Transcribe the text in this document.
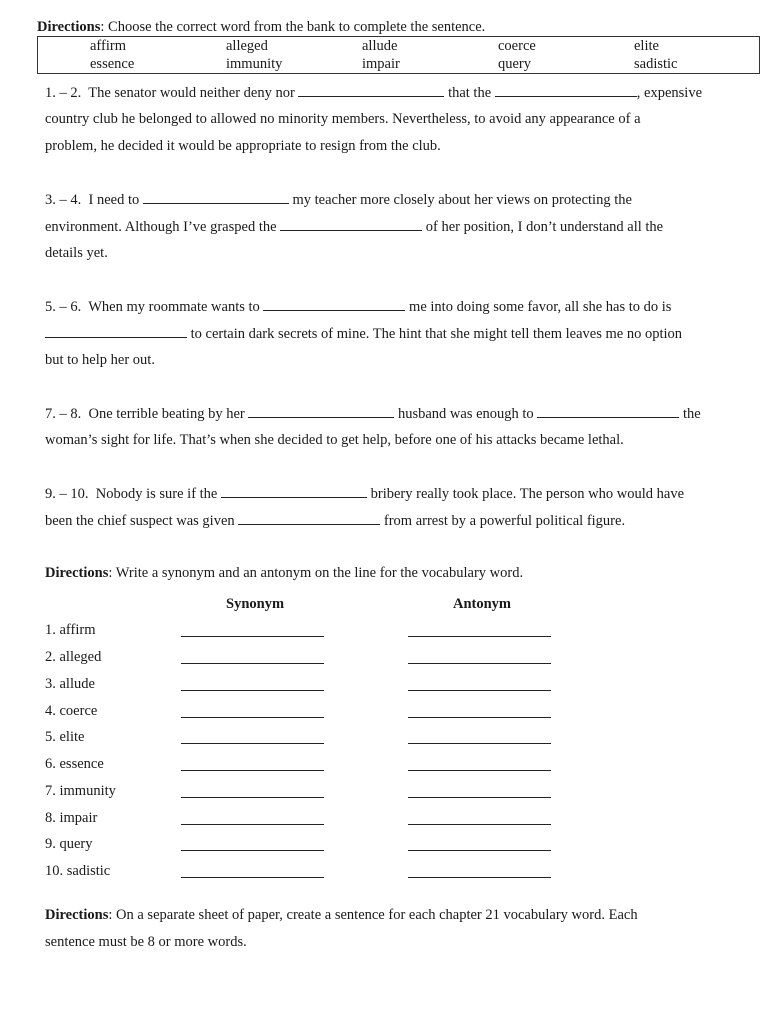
Directions: Choose the correct word from the bank to complete the sentence.
affirm	alleged	allude	coerce	elite
essence	immunity	impair	query	sadistic
1. – 2. The senator would neither deny nor	that the	, expensive
country club he belonged to allowed no minority members. Nevertheless, to avoid any appearance of a
problem, he decided it would be appropriate to resign from the club.
3. – 4. I need to	my teacher more closely about her views on protecting the
environment. Although I’ve grasped the	of her position, I don’t understand all the
details yet.
5. – 6. When my roommate wants to	me into doing some favor, all she has to do is
to certain dark secrets of mine. The hint that she might tell them leaves me no option
but to help her out.
7. – 8. One terrible beating by her	husband was enough to	the
woman’s sight for life. That’s when she decided to get help, before one of his attacks became lethal.
9. – 10. Nobody is sure if the	bribery really took place. The person who would have
been the chief suspect was given	from arrest by a powerful political figure.
Directions: Write a synonym and an antonym on the line for the vocabulary word.
Synonym	Antonym
1. affirm
2. alleged
3. allude
4. coerce
5. elite
6. essence
7. immunity
8. impair
9. query
10. sadistic
Directions: On a separate sheet of paper, create a sentence for each chapter 21 vocabulary word. Each
sentence must be 8 or more words.
